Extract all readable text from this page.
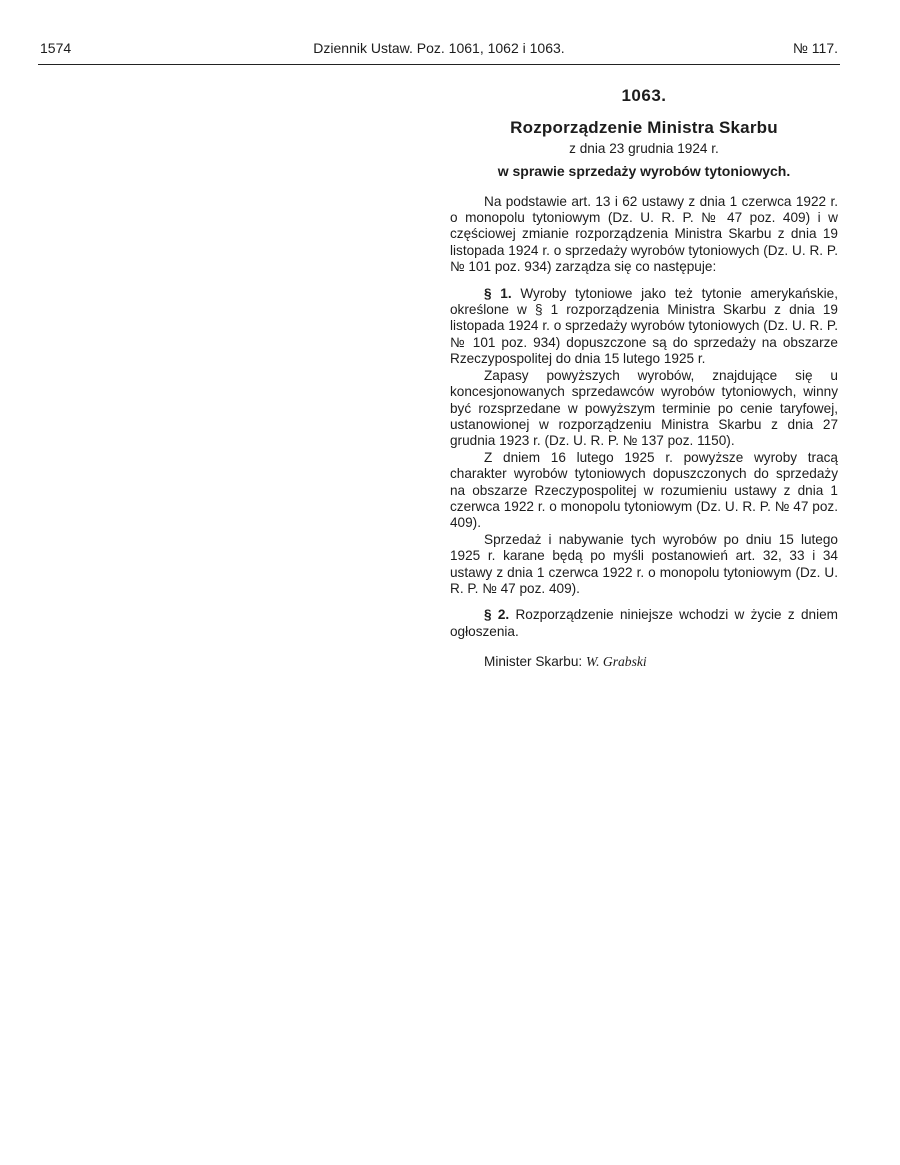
1574	Dziennik Ustaw. Poz. 1061, 1062 i 1063.	№ 117.
1063.
Rozporządzenie Ministra Skarbu
z dnia 23 grudnia 1924 r.
w sprawie sprzedaży wyrobów tytoniowych.

Na podstawie art. 13 i 62 ustawy z dnia 1 czerwca 1922 r. o monopolu tytoniowym (Dz. U. R. P. № 47 poz. 409) i w częściowej zmianie rozporządzenia Ministra Skarbu z dnia 19 listopada 1924 r. o sprzedaży wyrobów tytoniowych (Dz. U. R. P. № 101 poz. 934) zarządza się co następuje:

§ 1. Wyroby tytoniowe jako też tytonie amerykańskie, określone w § 1 rozporządzenia Ministra Skarbu z dnia 19 listopada 1924 r. o sprzedaży wyrobów tytoniowych (Dz. U. R. P. № 101 poz. 934) dopuszczone są do sprzedaży na obszarze Rzeczypospolitej do dnia 15 lutego 1925 r.

Zapasy powyższych wyrobów, znajdujące się u koncesjonowanych sprzedawców wyrobów tytoniowych, winny być rozsprzedane w powyższym terminie po cenie taryfowej, ustanowionej w rozporządzeniu Ministra Skarbu z dnia 27 grudnia 1923 r. (Dz. U. R. P. № 137 poz. 1150).

Z dniem 16 lutego 1925 r. powyższe wyroby tracą charakter wyrobów tytoniowych dopuszczonych do sprzedaży na obszarze Rzeczypospolitej w rozumieniu ustawy z dnia 1 czerwca 1922 r. o monopolu tytoniowym (Dz. U. R. P. № 47 poz. 409).

Sprzedaż i nabywanie tych wyrobów po dniu 15 lutego 1925 r. karane będą po myśli postanowień art. 32, 33 i 34 ustawy z dnia 1 czerwca 1922 r. o monopolu tytoniowym (Dz. U. R. P. № 47 poz. 409).

§ 2. Rozporządzenie niniejsze wchodzi w życie z dniem ogłoszenia.

Minister Skarbu: W. Grabski
